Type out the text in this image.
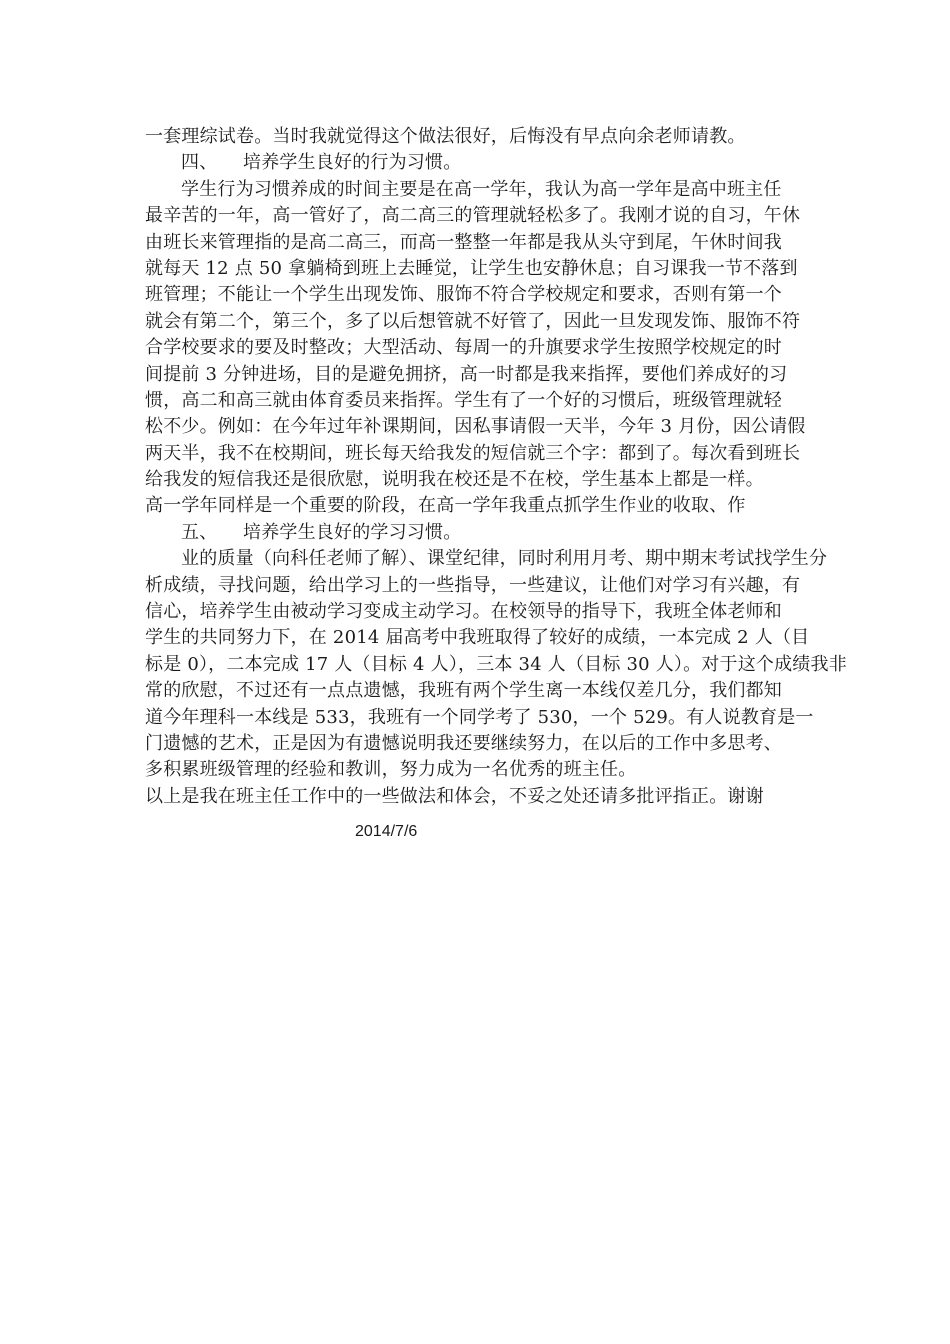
一套理综试卷。当时我就觉得这个做法很好，后悔没有早点向余老师请教。
四、 培养学生良好的行为习惯。
学生行为习惯养成的时间主要是在高一学年，我认为高一学年是高中班主任
最辛苦的一年，高一管好了，高二高三的管理就轻松多了。我刚才说的自习，午休
由班长来管理指的是高二高三，而高一整整一年都是我从头守到尾，午休时间我
就每天 12 点 50 拿躺椅到班上去睡觉，让学生也安静休息；自习课我一节不落到
班管理；不能让一个学生出现发饰、服饰不符合学校规定和要求，否则有第一个
就会有第二个，第三个，多了以后想管就不好管了，因此一旦发现发饰、服饰不符
合学校要求的要及时整改；大型活动、每周一的升旗要求学生按照学校规定的时
间提前 3 分钟进场，目的是避免拥挤，高一时都是我来指挥，要他们养成好的习
惯，高二和高三就由体育委员来指挥。学生有了一个好的习惯后，班级管理就轻
松不少。例如：在今年过年补课期间，因私事请假一天半，今年 3 月份，因公请假
两天半，我不在校期间，班长每天给我发的短信就三个字：都到了。每次看到班长
给我发的短信我还是很欣慰，说明我在校还是不在校，学生基本上都是一样。
高一学年同样是一个重要的阶段，在高一学年我重点抓学生作业的收取、作
五、 培养学生良好的学习习惯。
业的质量（向科任老师了解）、课堂纪律，同时利用月考、期中期末考试找学生分
析成绩，寻找问题，给出学习上的一些指导，一些建议，让他们对学习有兴趣，有
信心，培养学生由被动学习变成主动学习。在校领导的指导下，我班全体老师和
学生的共同努力下，在 2014 届高考中我班取得了较好的成绩，一本完成 2 人（目
标是 0），二本完成 17 人（目标 4 人），三本 34 人（目标 30 人）。对于这个成绩我非
常的欣慰，不过还有一点点遗憾，我班有两个学生离一本线仅差几分，我们都知
道今年理科一本线是 533，我班有一个同学考了 530，一个 529。有人说教育是一
门遗憾的艺术，正是因为有遗憾说明我还要继续努力，在以后的工作中多思考、
多积累班级管理的经验和教训，努力成为一名优秀的班主任。
以上是我在班主任工作中的一些做法和体会，不妥之处还请多批评指正。谢谢
2014/7/6
